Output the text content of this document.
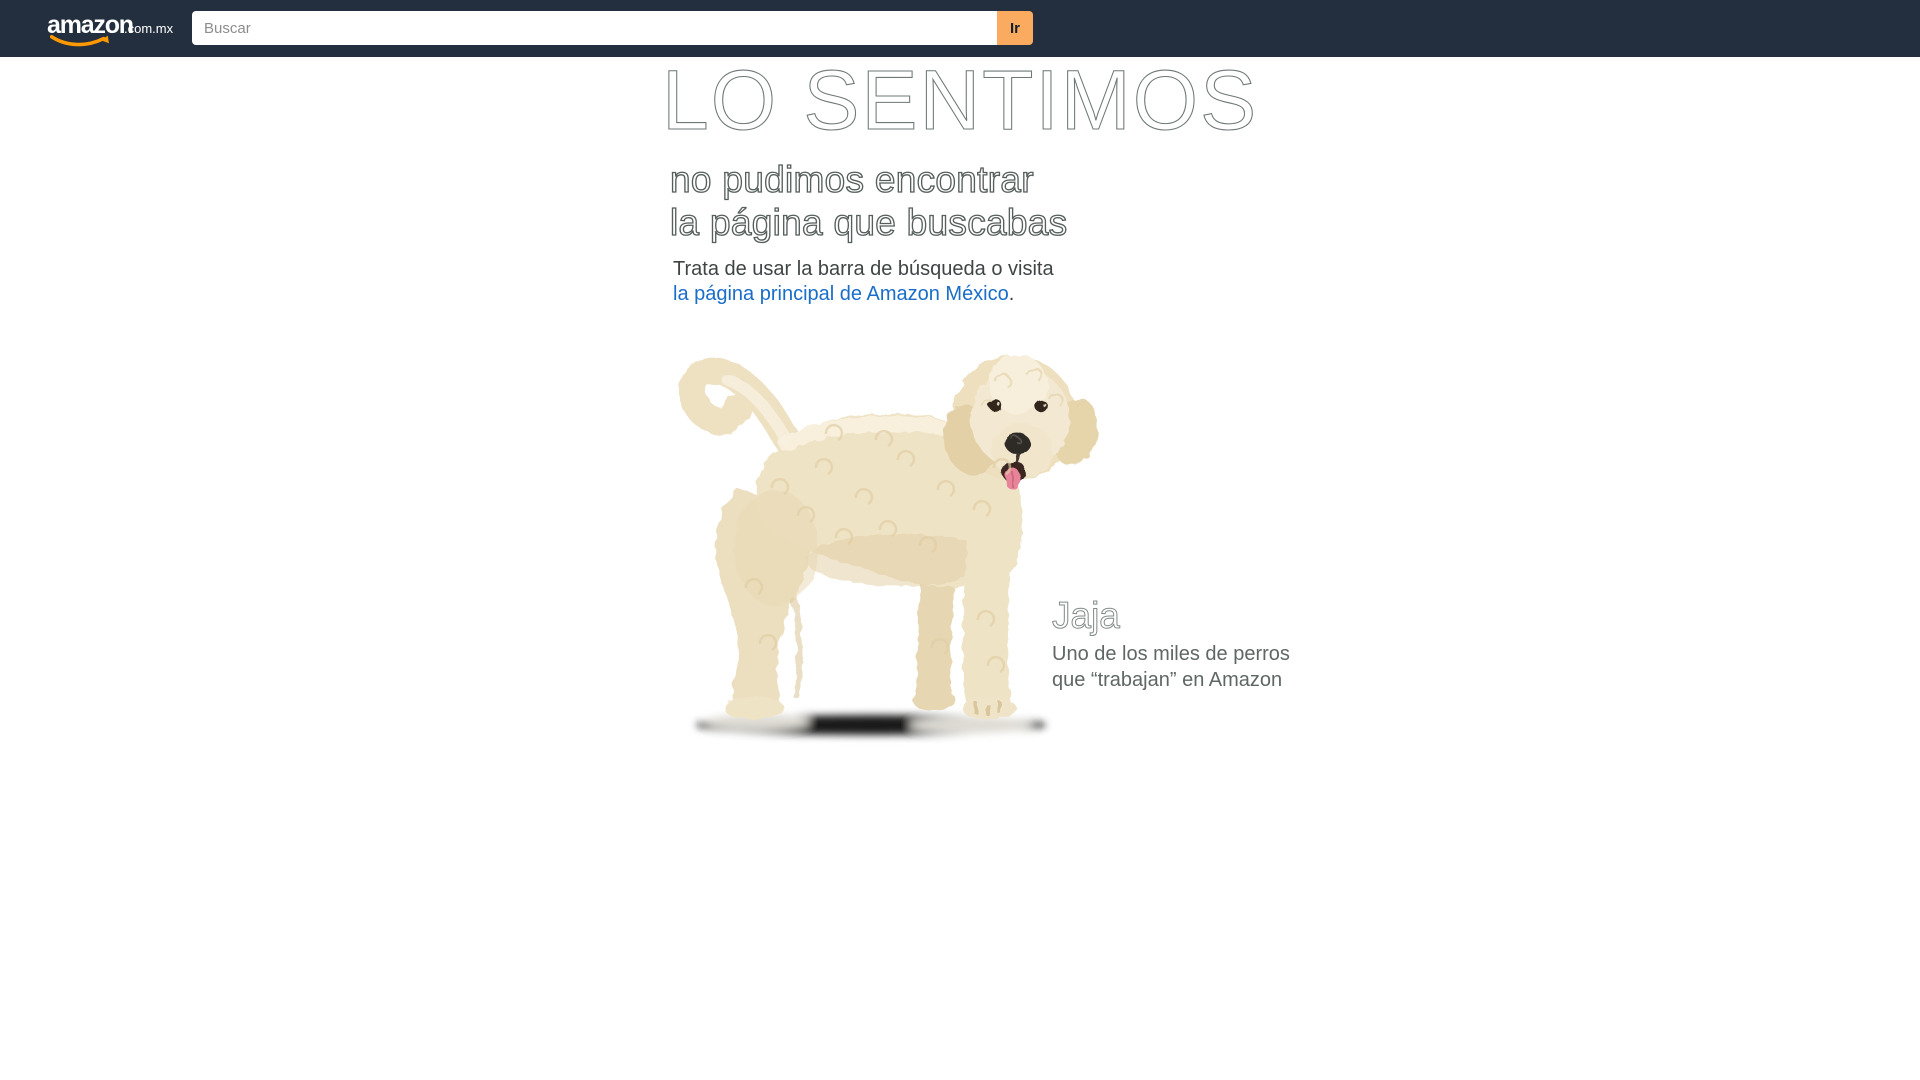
amazon
.com.mx
Buscar	Ir
LO SENTIMOS
no pudimos encontrar
la página que buscabas

Trata de usar la barra de búsqueda o visita
la página principal de Amazon México.

Jaja
Uno de los miles de perros
que “trabajan” en Amazon
